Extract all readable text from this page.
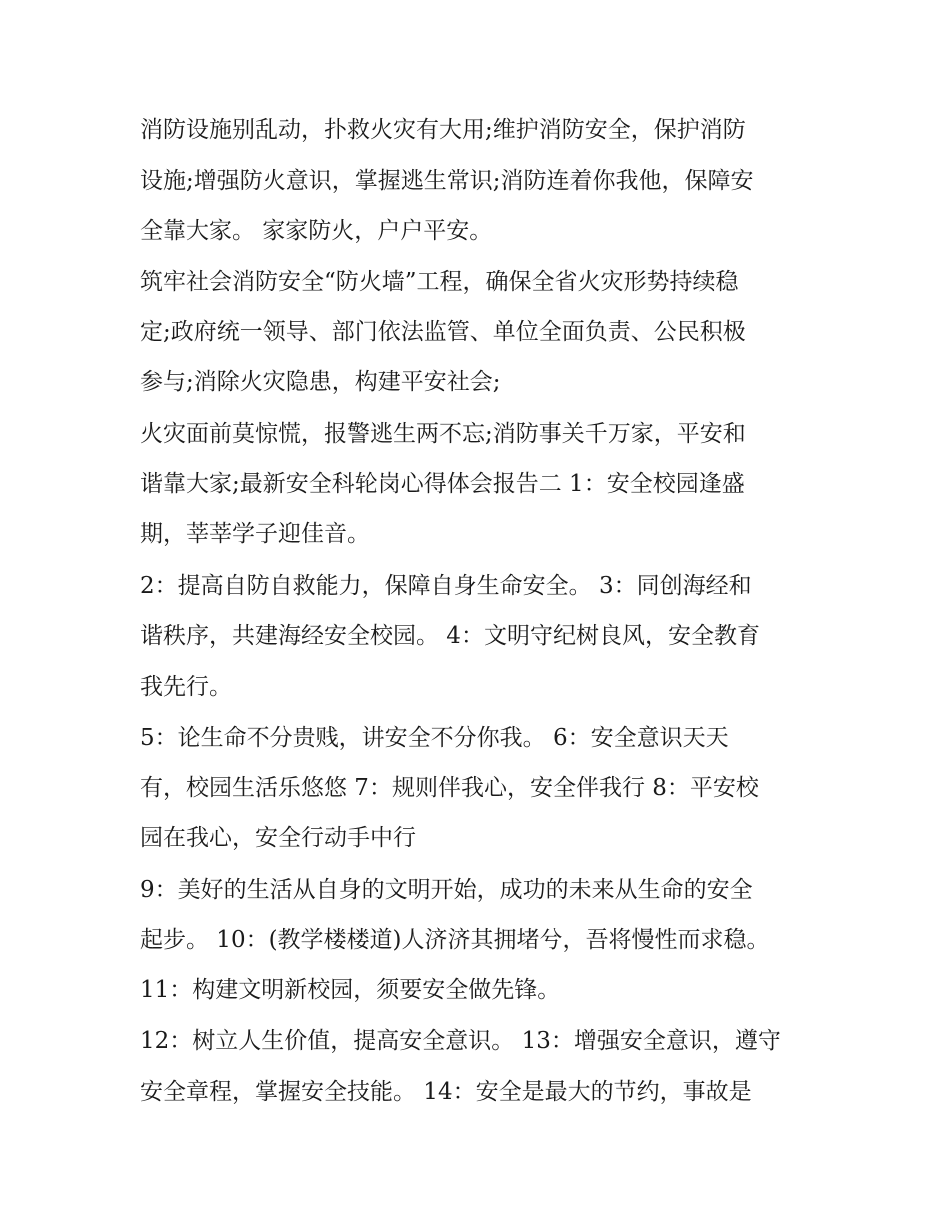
消防设施别乱动，扑救火灾有大用;维护消防安全，保护消防
设施;增强防火意识，掌握逃生常识;消防连着你我他，保障安
全靠大家。 家家防火，户户平安。
筑牢社会消防安全“防火墙”工程，确保全省火灾形势持续稳
定;政府统一领导、部门依法监管、单位全面负责、公民积极
参与;消除火灾隐患，构建平安社会;
火灾面前莫惊慌，报警逃生两不忘;消防事关千万家，平安和
谐靠大家;最新安全科轮岗心得体会报告二 1：安全校园逢盛
期，莘莘学子迎佳音。
2：提高自防自救能力，保障自身生命安全。 3：同创海经和
谐秩序，共建海经安全校园。 4：文明守纪树良风，安全教育
我先行。
5：论生命不分贵贱，讲安全不分你我。 6：安全意识天天
有，校园生活乐悠悠 7：规则伴我心，安全伴我行 8：平安校
园在我心，安全行动手中行
9：美好的生活从自身的文明开始，成功的未来从生命的安全
起步。 10：(教学楼楼道)人济济其拥堵兮，吾将慢性而求稳。
11：构建文明新校园，须要安全做先锋。
12：树立人生价值，提高安全意识。 13：增强安全意识，遵守
安全章程，掌握安全技能。 14：安全是最大的节约，事故是
